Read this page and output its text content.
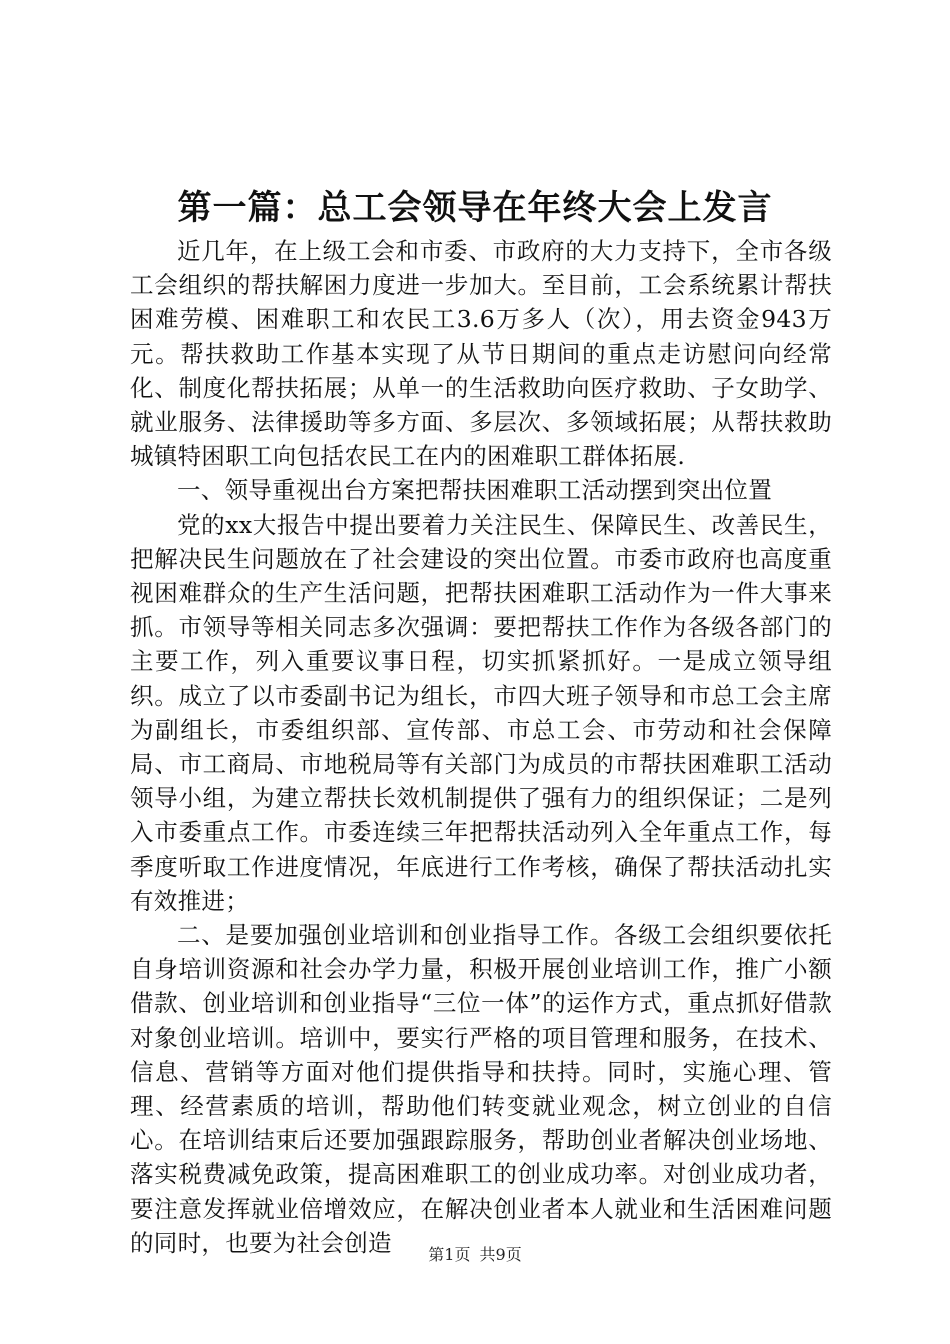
第一篇：总工会领导在年终大会上发言

近几年，在上级工会和市委、市政府的大力支持下，全市各级工会组织的帮扶解困力度进一步加大。至目前，工会系统累计帮扶困难劳模、困难职工和农民工3.6万多人（次），用去资金943万元。帮扶救助工作基本实现了从节日期间的重点走访慰问向经常化、制度化帮扶拓展；从单一的生活救助向医疗救助、子女助学、就业服务、法律援助等多方面、多层次、多领域拓展；从帮扶救助城镇特困职工向包括农民工在内的困难职工群体拓展.

一、领导重视出台方案把帮扶困难职工活动摆到突出位置

党的xx大报告中提出要着力关注民生、保障民生、改善民生，把解决民生问题放在了社会建设的突出位置。市委市政府也高度重视困难群众的生产生活问题，把帮扶困难职工活动作为一件大事来抓。市领导等相关同志多次强调：要把帮扶工作作为各级各部门的主要工作，列入重要议事日程，切实抓紧抓好。一是成立领导组织。成立了以市委副书记为组长，市四大班子领导和市总工会主席为副组长，市委组织部、宣传部、市总工会、市劳动和社会保障局、市工商局、市地税局等有关部门为成员的市帮扶困难职工活动领导小组，为建立帮扶长效机制提供了强有力的组织保证；二是列入市委重点工作。市委连续三年把帮扶活动列入全年重点工作，每季度听取工作进度情况，年底进行工作考核，确保了帮扶活动扎实有效推进；

二、是要加强创业培训和创业指导工作。各级工会组织要依托自身培训资源和社会办学力量，积极开展创业培训工作，推广小额借款、创业培训和创业指导“三位一体”的运作方式，重点抓好借款对象创业培训。培训中，要实行严格的项目管理和服务，在技术、信息、营销等方面对他们提供指导和扶持。同时，实施心理、管理、经营素质的培训，帮助他们转变就业观念，树立创业的自信心。在培训结束后还要加强跟踪服务，帮助创业者解决创业场地、落实税费减免政策，提高困难职工的创业成功率。对创业成功者，要注意发挥就业倍增效应，在解决创业者本人就业和生活困难问题的同时，也要为社会创造	第1页 共9页
